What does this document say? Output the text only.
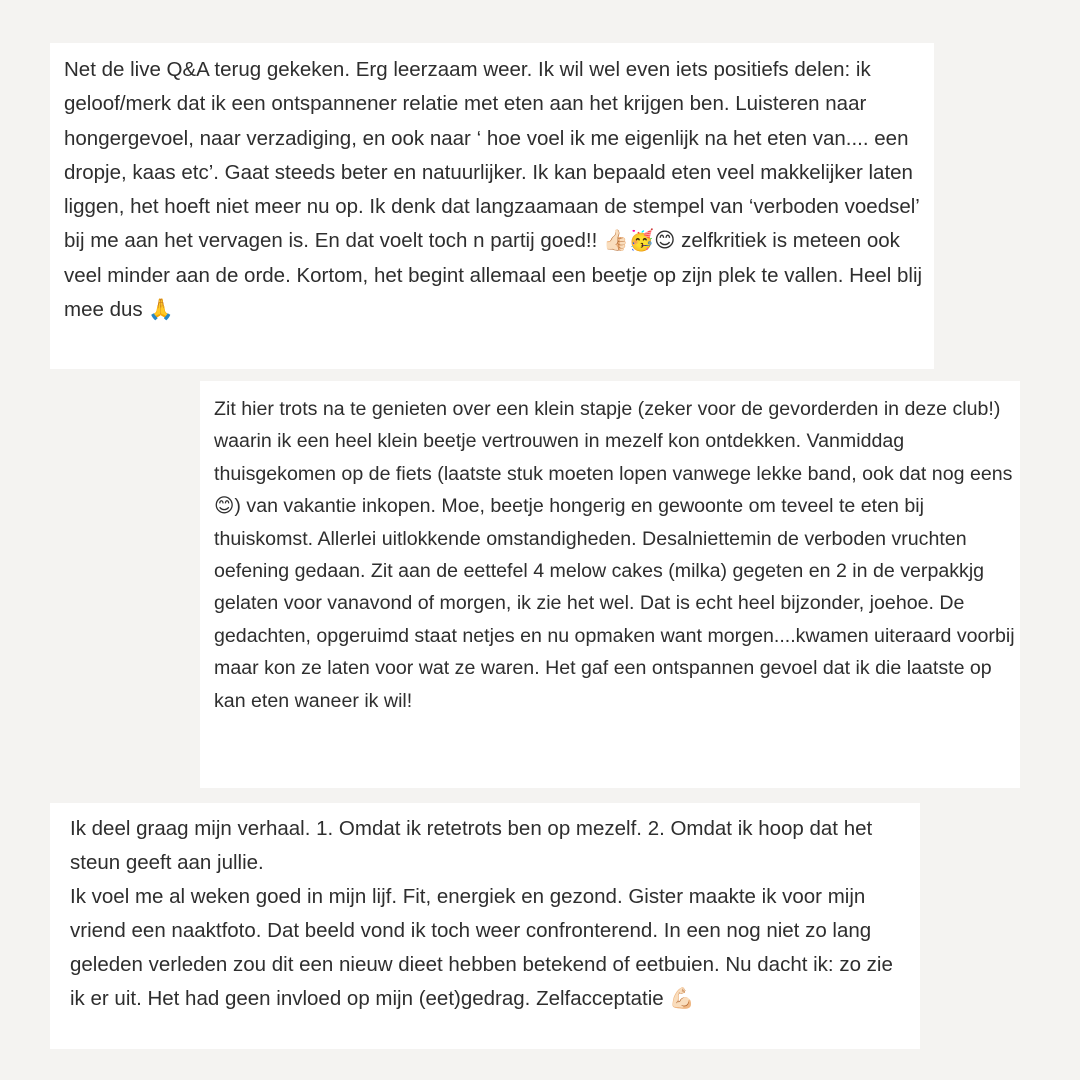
Net de live Q&A terug gekeken. Erg leerzaam weer. Ik wil wel even iets positiefs delen: ik geloof/merk dat ik een ontspannener relatie met eten aan het krijgen ben. Luisteren naar hongergevoel, naar verzadiging, en ook naar ‘ hoe voel ik me eigenlijk na het eten van.... een dropje, kaas etc’. Gaat steeds beter en natuurlijker. Ik kan bepaald eten veel makkelijker laten liggen, het hoeft niet meer nu op. Ik denk dat langzaamaan de stempel van ‘verboden voedsel’ bij me aan het vervagen is. En dat voelt toch n partij goed!! 👍🏻🥳😊 zelfkritiek is meteen ook veel minder aan de orde. Kortom, het begint allemaal een beetje op zijn plek te vallen. Heel blij mee dus 🙏

Zit hier trots na te genieten over een klein stapje (zeker voor de gevorderden in deze club!) waarin ik een heel klein beetje vertrouwen in mezelf kon ontdekken. Vanmiddag thuisgekomen op de fiets (laatste stuk moeten lopen vanwege lekke band, ook dat nog eens😊) van vakantie inkopen. Moe, beetje hongerig en gewoonte om teveel te eten bij thuiskomst. Allerlei uitlokkende omstandigheden. Desalniettemin de verboden vruchten oefening gedaan. Zit aan de eettefel 4 melow cakes (milka) gegeten en 2 in de verpakkjg gelaten voor vanavond of morgen, ik zie het wel. Dat is echt heel bijzonder, joehoe. De gedachten, opgeruimd staat netjes en nu opmaken want morgen....kwamen uiteraard voorbij maar kon ze laten voor wat ze waren. Het gaf een ontspannen gevoel dat ik die laatste op kan eten waneer ik wil!

Ik deel graag mijn verhaal. 1. Omdat ik retetrots ben op mezelf. 2. Omdat ik hoop dat het steun geeft aan jullie.
Ik voel me al weken goed in mijn lijf. Fit, energiek en gezond. Gister maakte ik voor mijn vriend een naaktfoto. Dat beeld vond ik toch weer confronterend. In een nog niet zo lang geleden verleden zou dit een nieuw dieet hebben betekend of eetbuien. Nu dacht ik: zo zie ik er uit. Het had geen invloed op mijn (eet)gedrag. Zelfacceptatie 💪🏻
